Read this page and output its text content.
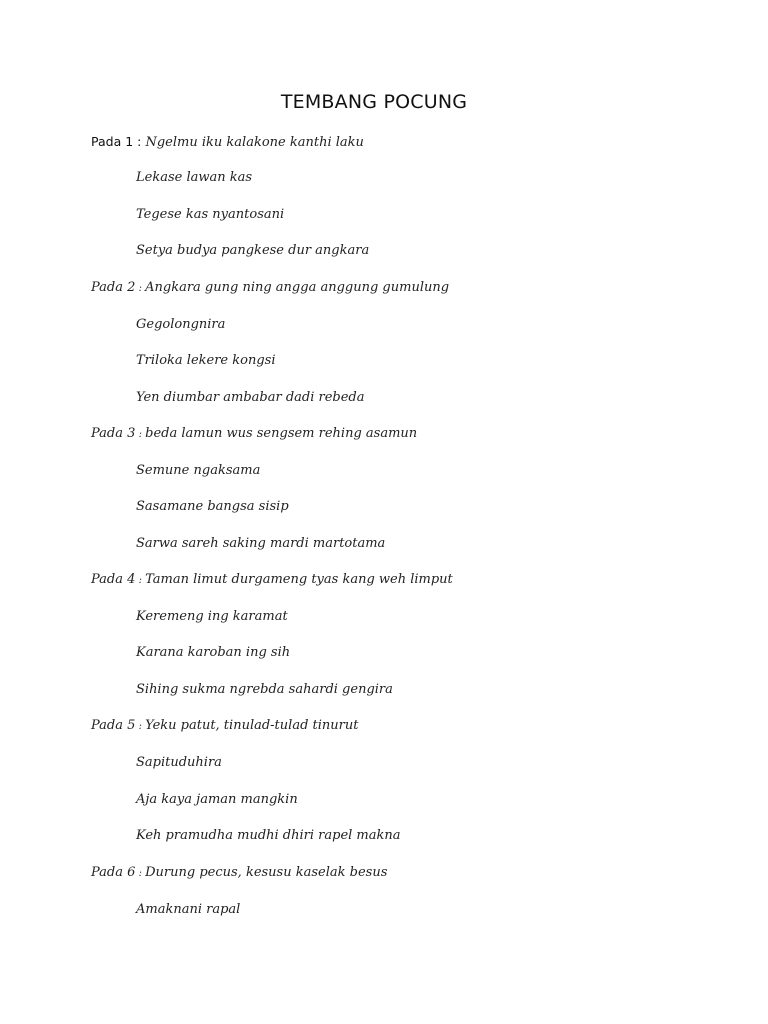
TEMBANG POCUNG
Pada 1 : Ngelmu iku kalakone kanthi laku
Lekase lawan kas
Tegese kas nyantosani
Setya budya pangkese dur angkara
Pada 2 : Angkara gung ning angga anggung gumulung
Gegolongnira
Triloka lekere kongsi
Yen diumbar ambabar dadi rebeda
Pada 3 : beda lamun wus sengsem rehing asamun
Semune ngaksama
Sasamane bangsa sisip
Sarwa sareh saking mardi martotama
Pada 4 : Taman limut durgameng tyas kang weh limput
Keremeng ing karamat
Karana karoban ing sih
Sihing sukma ngrebda sahardi gengira
Pada 5 : Yeku patut, tinulad-tulad tinurut
Sapituduhira
Aja kaya jaman mangkin
Keh pramudha mudhi dhiri rapel makna
Pada 6 : Durung pecus, kesusu kaselak besus
Amaknani rapal
